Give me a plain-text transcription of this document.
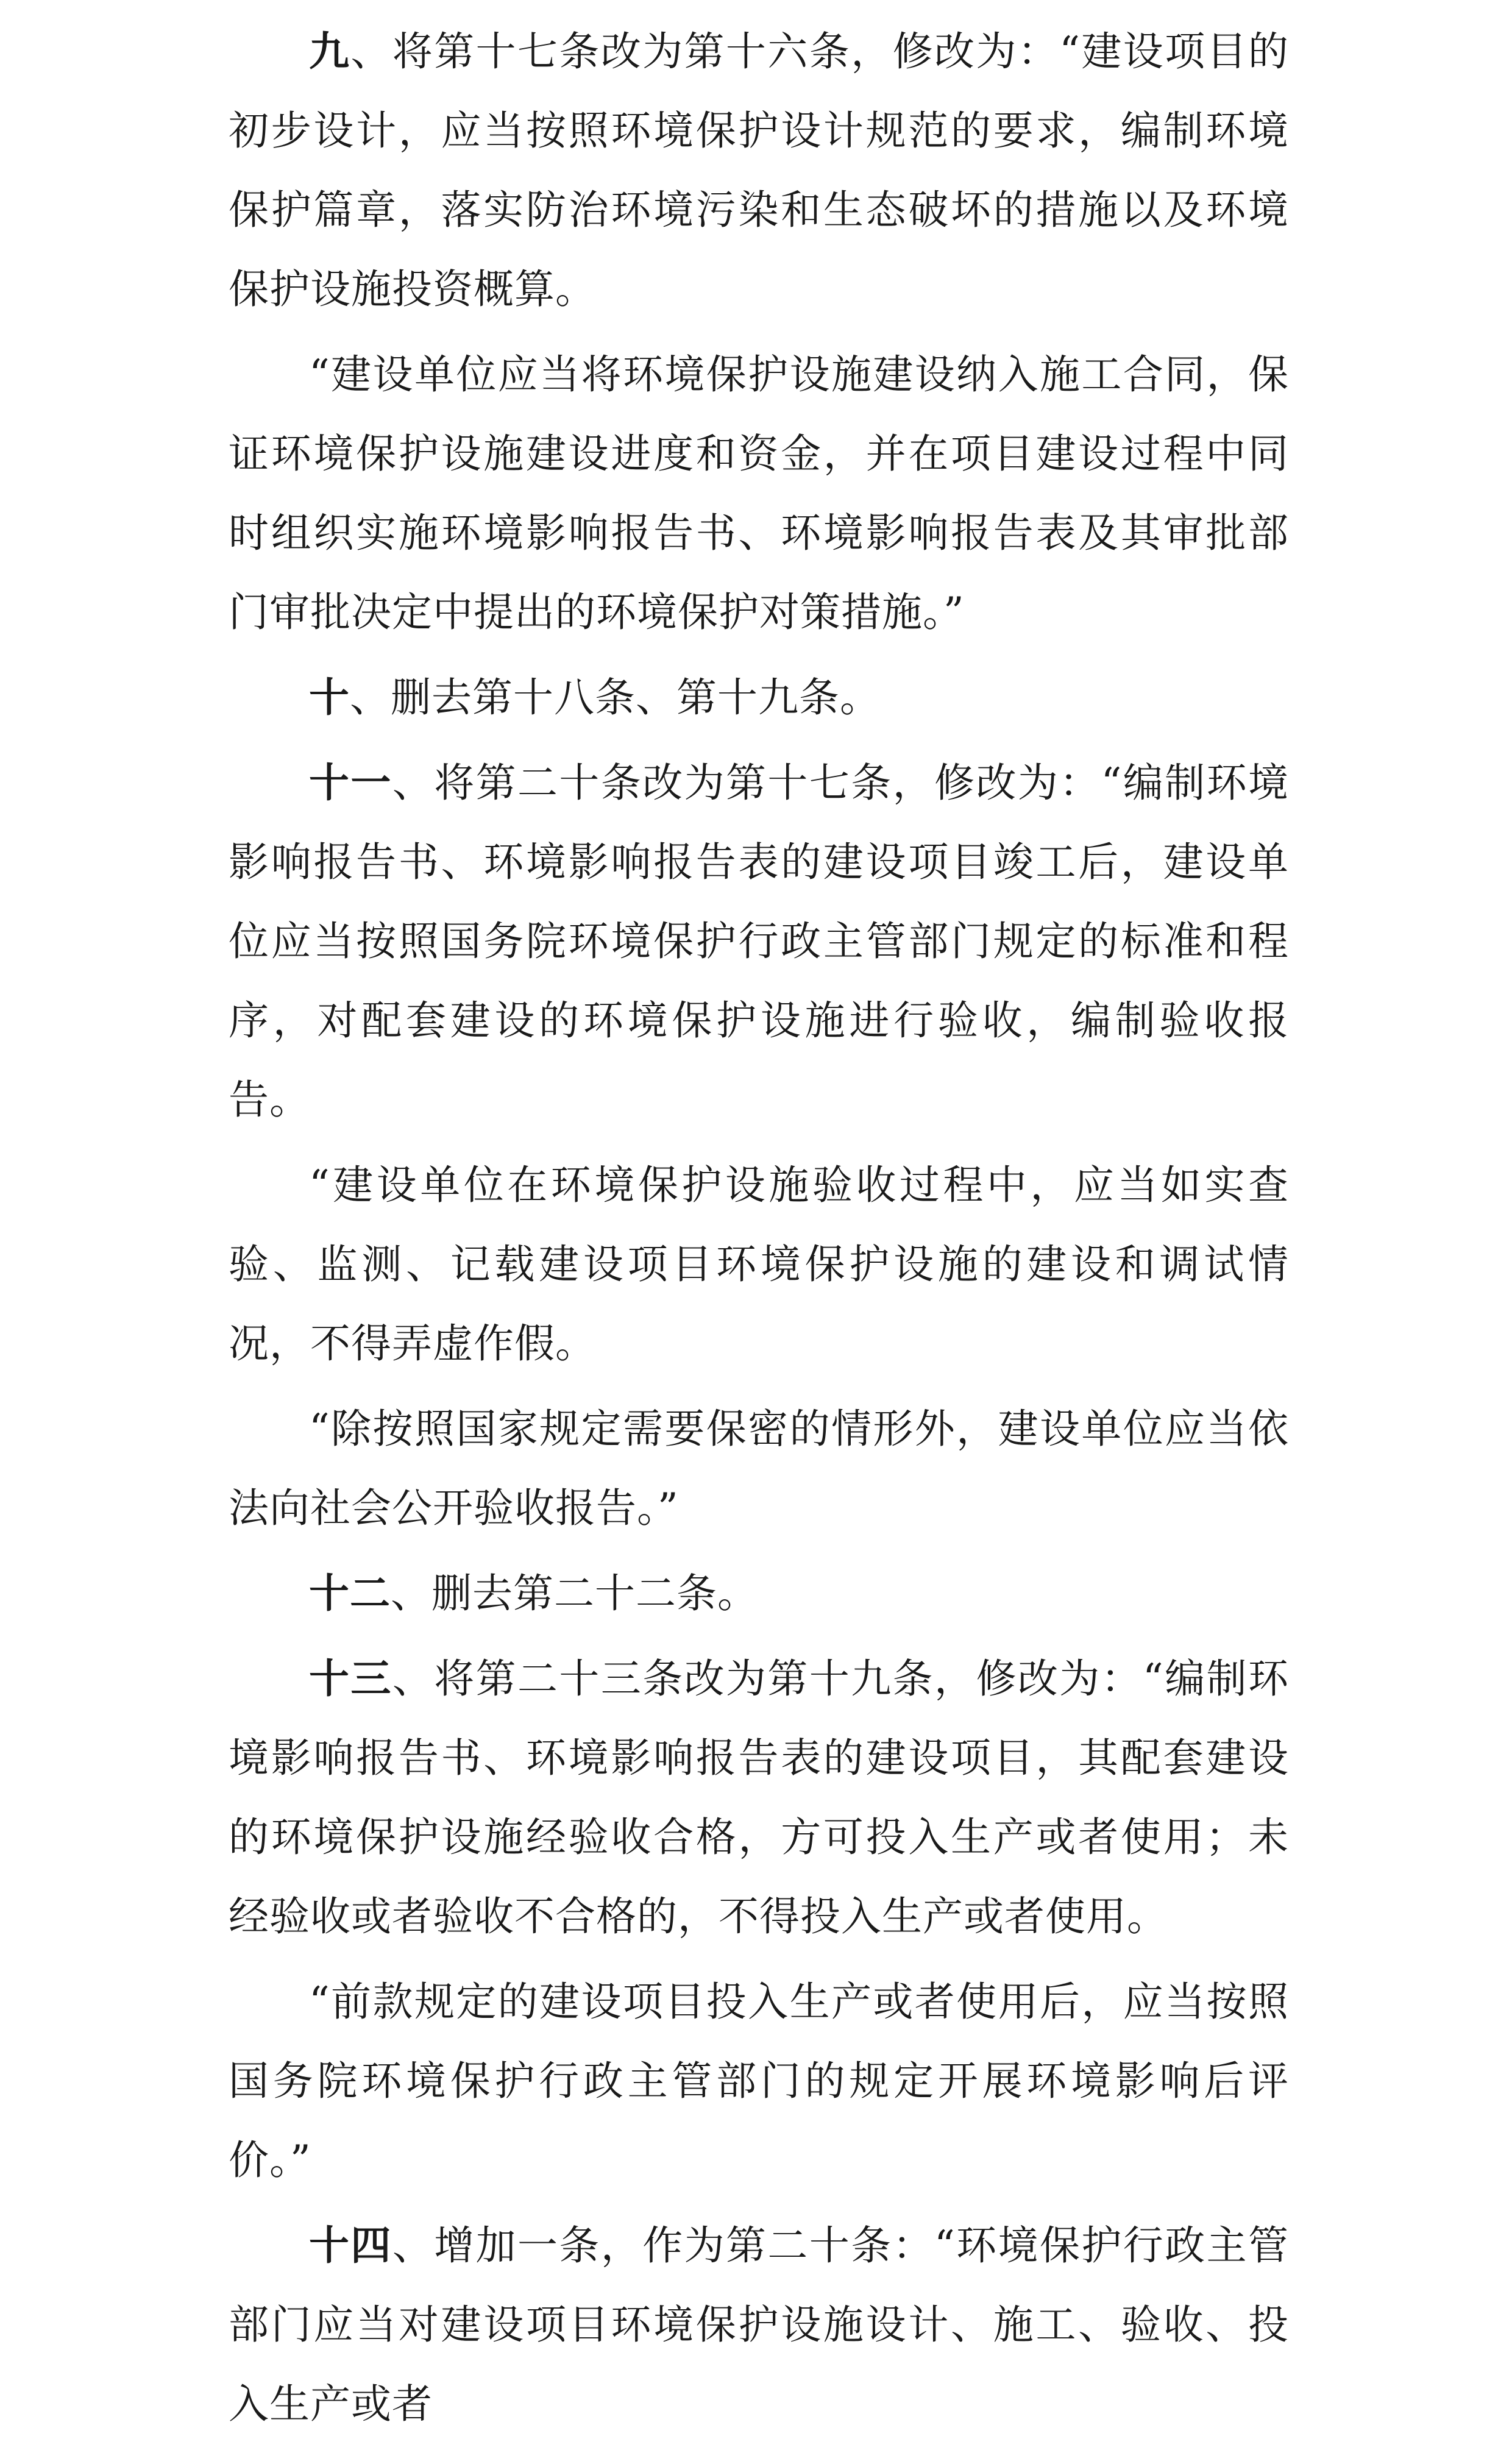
九、将第十七条改为第十六条，修改为：“建设项目的初步设计，应当按照环境保护设计规范的要求，编制环境保护篇章，落实防治环境污染和生态破坏的措施以及环境保护设施投资概算。

“建设单位应当将环境保护设施建设纳入施工合同，保证环境保护设施建设进度和资金，并在项目建设过程中同时组织实施环境影响报告书、环境影响报告表及其审批部门审批决定中提出的环境保护对策措施。”

十、删去第十八条、第十九条。

十一、将第二十条改为第十七条，修改为：“编制环境影响报告书、环境影响报告表的建设项目竣工后，建设单位应当按照国务院环境保护行政主管部门规定的标准和程序，对配套建设的环境保护设施进行验收，编制验收报告。

“建设单位在环境保护设施验收过程中，应当如实查验、监测、记载建设项目环境保护设施的建设和调试情况，不得弄虚作假。

“除按照国家规定需要保密的情形外，建设单位应当依法向社会公开验收报告。”

十二、删去第二十二条。

十三、将第二十三条改为第十九条，修改为：“编制环境影响报告书、环境影响报告表的建设项目，其配套建设的环境保护设施经验收合格，方可投入生产或者使用；未经验收或者验收不合格的，不得投入生产或者使用。

“前款规定的建设项目投入生产或者使用后，应当按照国务院环境保护行政主管部门的规定开展环境影响后评价。”

十四、增加一条，作为第二十条：“环境保护行政主管部门应当对建设项目环境保护设施设计、施工、验收、投入生产或者
